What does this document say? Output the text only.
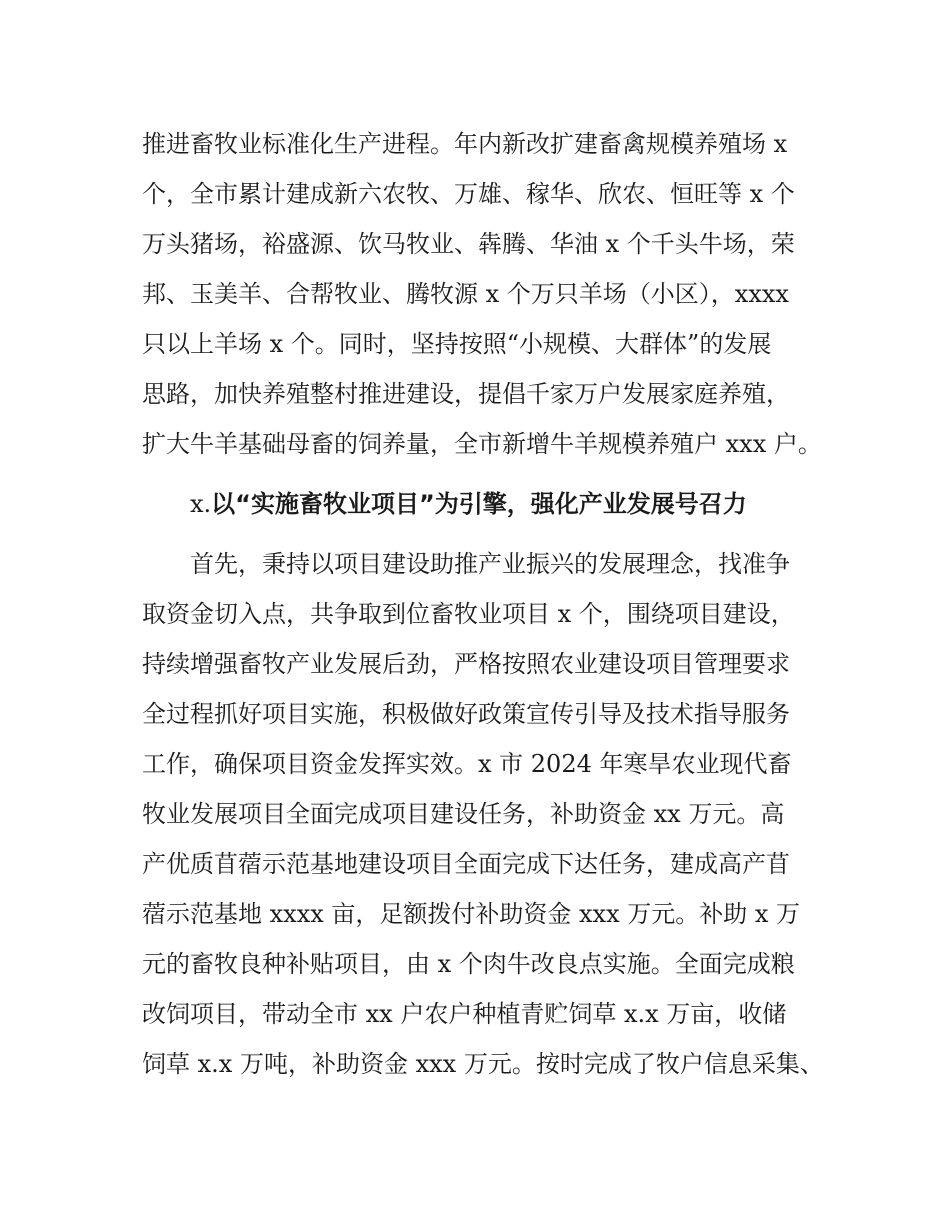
推进畜牧业标准化生产进程。年内新改扩建畜禽规模养殖场 x
个，全市累计建成新六农牧、万雄、稼华、欣农、恒旺等 x 个
万头猪场，裕盛源、饮马牧业、犇腾、华油 x 个千头牛场，荣
邦、玉美羊、合帮牧业、腾牧源 x 个万只羊场（小区），xxxx
只以上羊场 x 个。同时，坚持按照“小规模、大群体”的发展
思路，加快养殖整村推进建设，提倡千家万户发展家庭养殖，
扩大牛羊基础母畜的饲养量，全市新增牛羊规模养殖户 xxx 户。
x.以“实施畜牧业项目”为引擎，强化产业发展号召力
首先，秉持以项目建设助推产业振兴的发展理念，找准争
取资金切入点，共争取到位畜牧业项目 x 个，围绕项目建设，
持续增强畜牧产业发展后劲，严格按照农业建设项目管理要求
全过程抓好项目实施，积极做好政策宣传引导及技术指导服务
工作，确保项目资金发挥实效。x 市 2024 年寒旱农业现代畜
牧业发展项目全面完成项目建设任务，补助资金 xx 万元。高
产优质苜蓿示范基地建设项目全面完成下达任务，建成高产苜
蓿示范基地 xxxx 亩，足额拨付补助资金 xxx 万元。补助 x 万
元的畜牧良种补贴项目，由 x 个肉牛改良点实施。全面完成粮
改饲项目，带动全市 xx 户农户种植青贮饲草 x.x 万亩，收储
饲草 x.x 万吨，补助资金 xxx 万元。按时完成了牧户信息采集、
